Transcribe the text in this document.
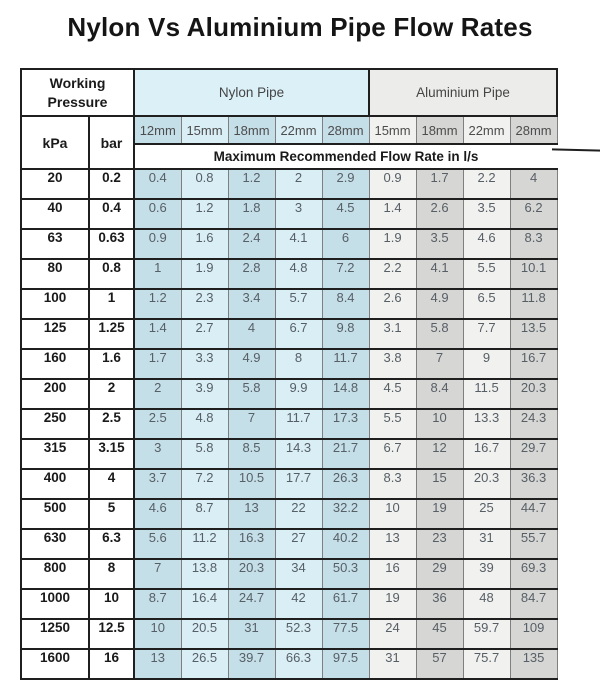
Nylon Vs Aluminium Pipe Flow Rates
Working Pressure		Nylon Pipe					Aluminium Pipe			
kPa	bar	12mm	15mm	18mm	22mm	28mm	15mm	18mm	22mm	28mm
		Maximum Recommended Flow Rate in l/s								
20	0.2	0.4	0.8	1.2	2	2.9	0.9	1.7	2.2	4
40	0.4	0.6	1.2	1.8	3	4.5	1.4	2.6	3.5	6.2
63	0.63	0.9	1.6	2.4	4.1	6	1.9	3.5	4.6	8.3
80	0.8	1	1.9	2.8	4.8	7.2	2.2	4.1	5.5	10.1
100	1	1.2	2.3	3.4	5.7	8.4	2.6	4.9	6.5	11.8
125	1.25	1.4	2.7	4	6.7	9.8	3.1	5.8	7.7	13.5
160	1.6	1.7	3.3	4.9	8	11.7	3.8	7	9	16.7
200	2	2	3.9	5.8	9.9	14.8	4.5	8.4	11.5	20.3
250	2.5	2.5	4.8	7	11.7	17.3	5.5	10	13.3	24.3
315	3.15	3	5.8	8.5	14.3	21.7	6.7	12	16.7	29.7
400	4	3.7	7.2	10.5	17.7	26.3	8.3	15	20.3	36.3
500	5	4.6	8.7	13	22	32.2	10	19	25	44.7
630	6.3	5.6	11.2	16.3	27	40.2	13	23	31	55.7
800	8	7	13.8	20.3	34	50.3	16	29	39	69.3
1000	10	8.7	16.4	24.7	42	61.7	19	36	48	84.7
1250	12.5	10	20.5	31	52.3	77.5	24	45	59.7	109
1600	16	13	26.5	39.7	66.3	97.5	31	57	75.7	135
